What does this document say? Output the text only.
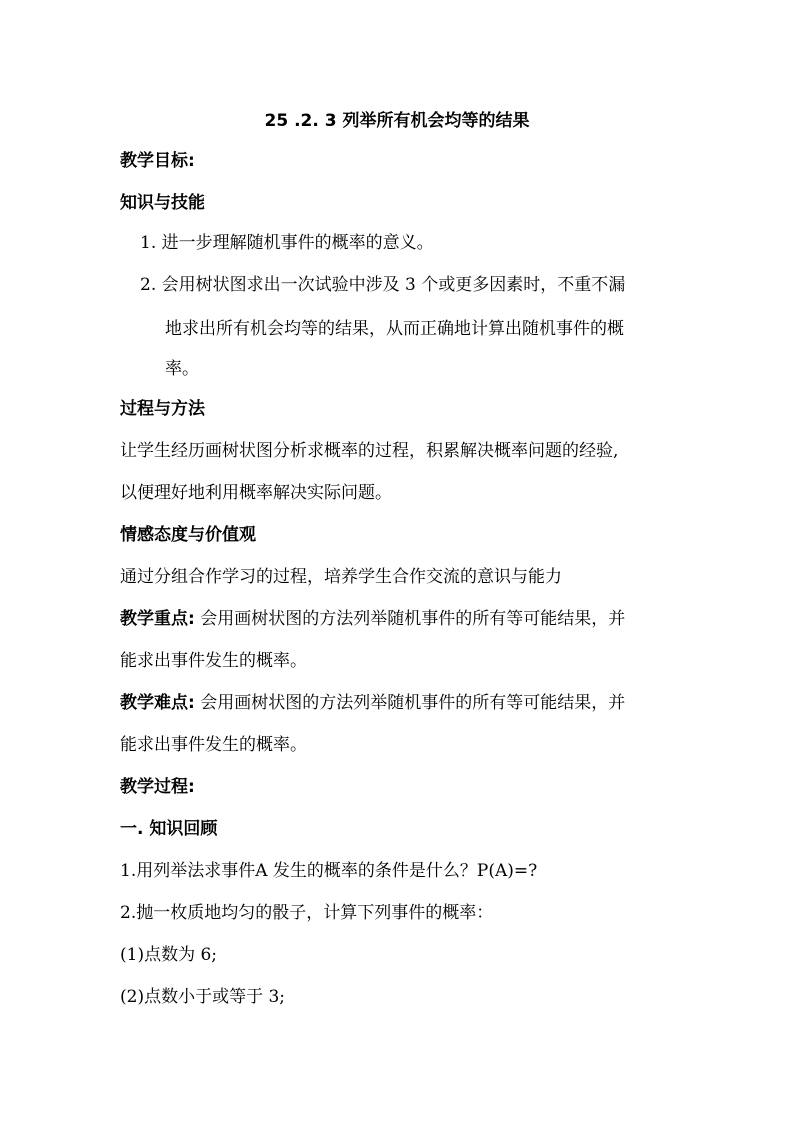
25 .2. 3 列举所有机会均等的结果
教学目标:
知识与技能
1. 进一步理解随机事件的概率的意义。
2. 会用树状图求出一次试验中涉及 3 个或更多因素时，不重不漏
地求出所有机会均等的结果，从而正确地计算出随机事件的概
率。
过程与方法
让学生经历画树状图分析求概率的过程，积累解决概率问题的经验,
以便理好地利用概率解决实际问题。
情感态度与价值观
通过分组合作学习的过程，培养学生合作交流的意识与能力
教学重点: 会用画树状图的方法列举随机事件的所有等可能结果，并
能求出事件发生的概率。
教学难点: 会用画树状图的方法列举随机事件的所有等可能结果，并
能求出事件发生的概率。
教学过程:
一. 知识回顾
1.用列举法求事件A 发生的概率的条件是什么？P(A)=?
2.抛一枚质地均匀的骰子，计算下列事件的概率：
(1)点数为 6;
(2)点数小于或等于 3;
